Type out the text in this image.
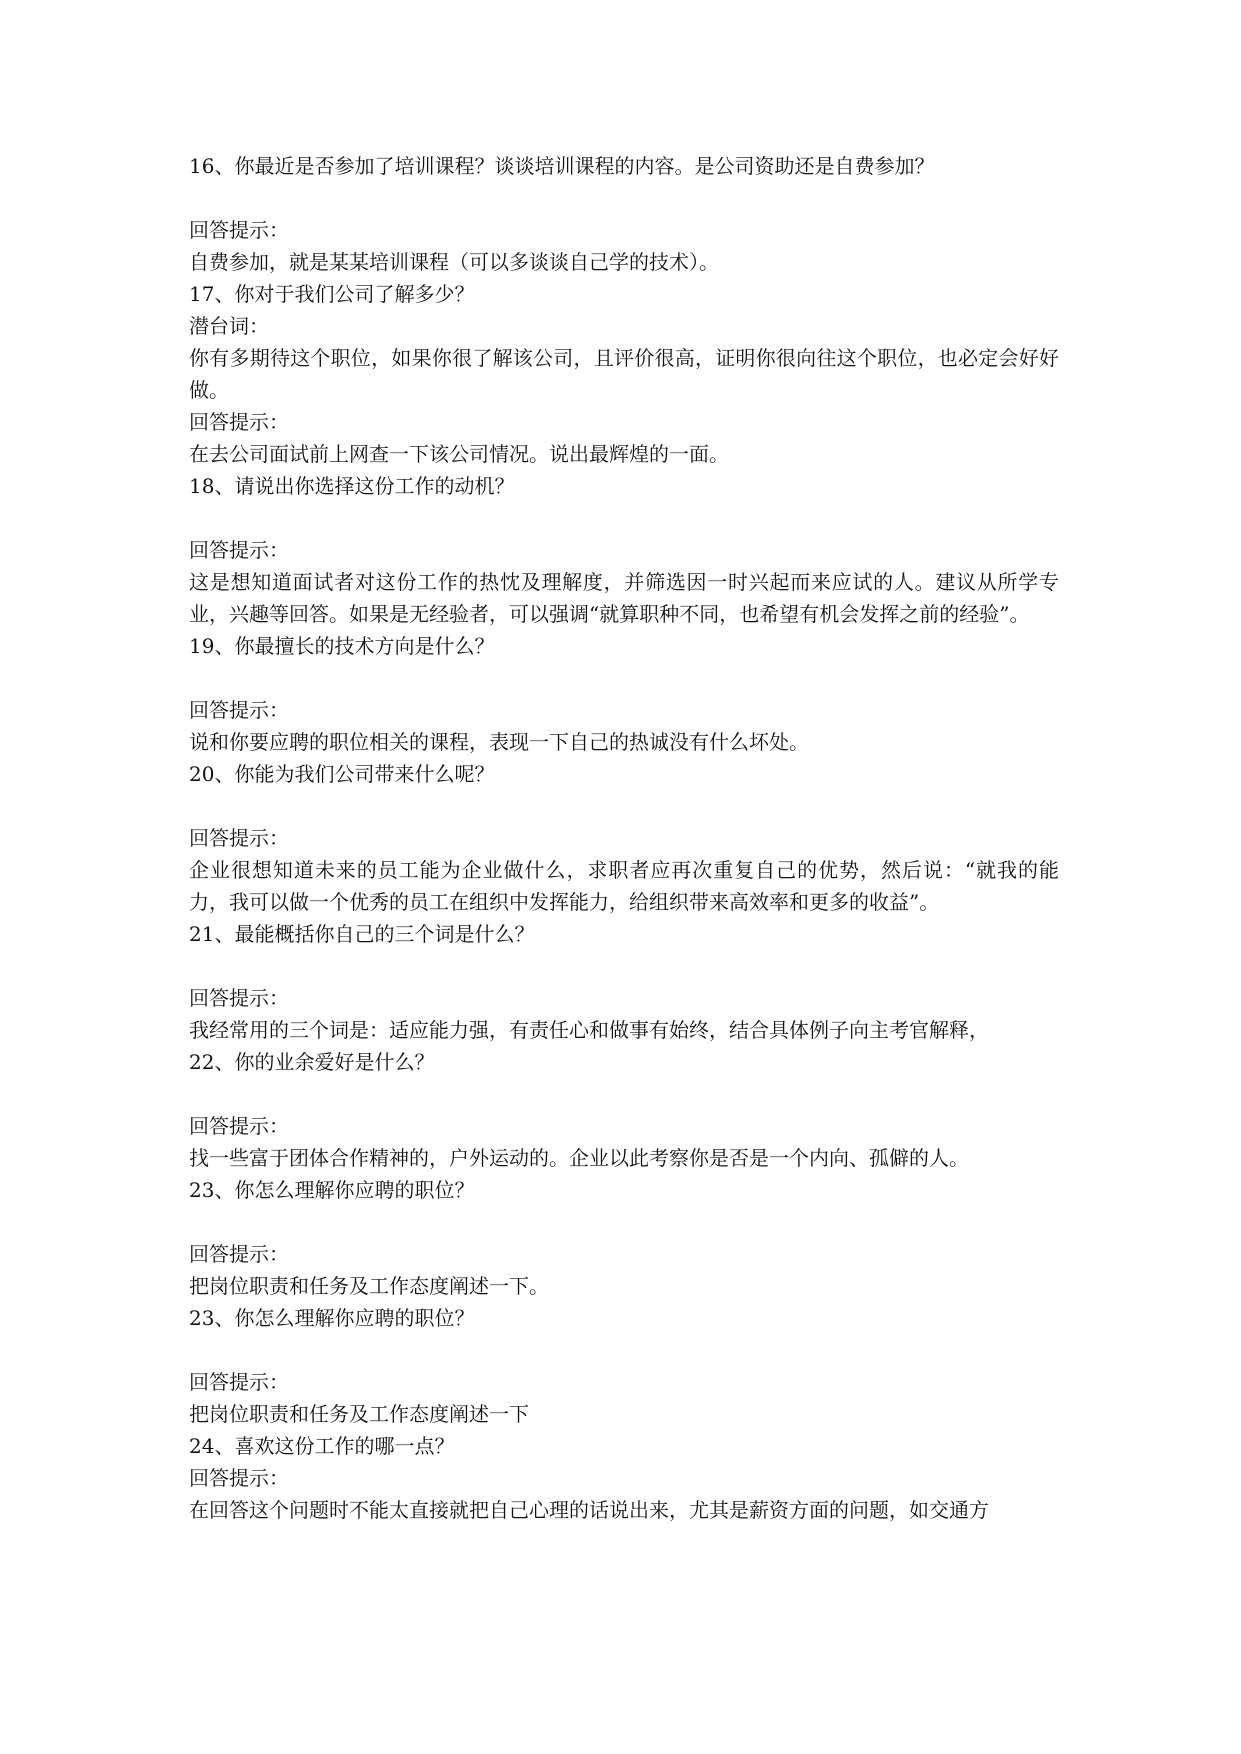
16、你最近是否参加了培训课程？谈谈培训课程的内容。是公司资助还是自费参加？

回答提示：

自费参加，就是某某培训课程（可以多谈谈自己学的技术）。

17、你对于我们公司了解多少？

潜台词：

你有多期待这个职位，如果你很了解该公司，且评价很高，证明你很向往这个职位，也必定会好好做。

回答提示：

在去公司面试前上网查一下该公司情况。说出最辉煌的一面。

18、请说出你选择这份工作的动机？

回答提示：

这是想知道面试者对这份工作的热忱及理解度，并筛选因一时兴起而来应试的人。建议从所学专业，兴趣等回答。如果是无经验者，可以强调“就算职种不同，也希望有机会发挥之前的经验”。

19、你最擅长的技术方向是什么？

回答提示：

说和你要应聘的职位相关的课程，表现一下自己的热诚没有什么坏处。

20、你能为我们公司带来什么呢？

回答提示：

企业很想知道未来的员工能为企业做什么，求职者应再次重复自己的优势，然后说：“就我的能力，我可以做一个优秀的员工在组织中发挥能力，给组织带来高效率和更多的收益”。

21、最能概括你自己的三个词是什么？

回答提示：

我经常用的三个词是：适应能力强，有责任心和做事有始终，结合具体例子向主考官解释，

22、你的业余爱好是什么？

回答提示：

找一些富于团体合作精神的，户外运动的。企业以此考察你是否是一个内向、孤僻的人。

23、你怎么理解你应聘的职位？

回答提示：

把岗位职责和任务及工作态度阐述一下。

23、你怎么理解你应聘的职位？

回答提示：

把岗位职责和任务及工作态度阐述一下

24、喜欢这份工作的哪一点？

回答提示：

在回答这个问题时不能太直接就把自己心理的话说出来，尤其是薪资方面的问题，如交通方
